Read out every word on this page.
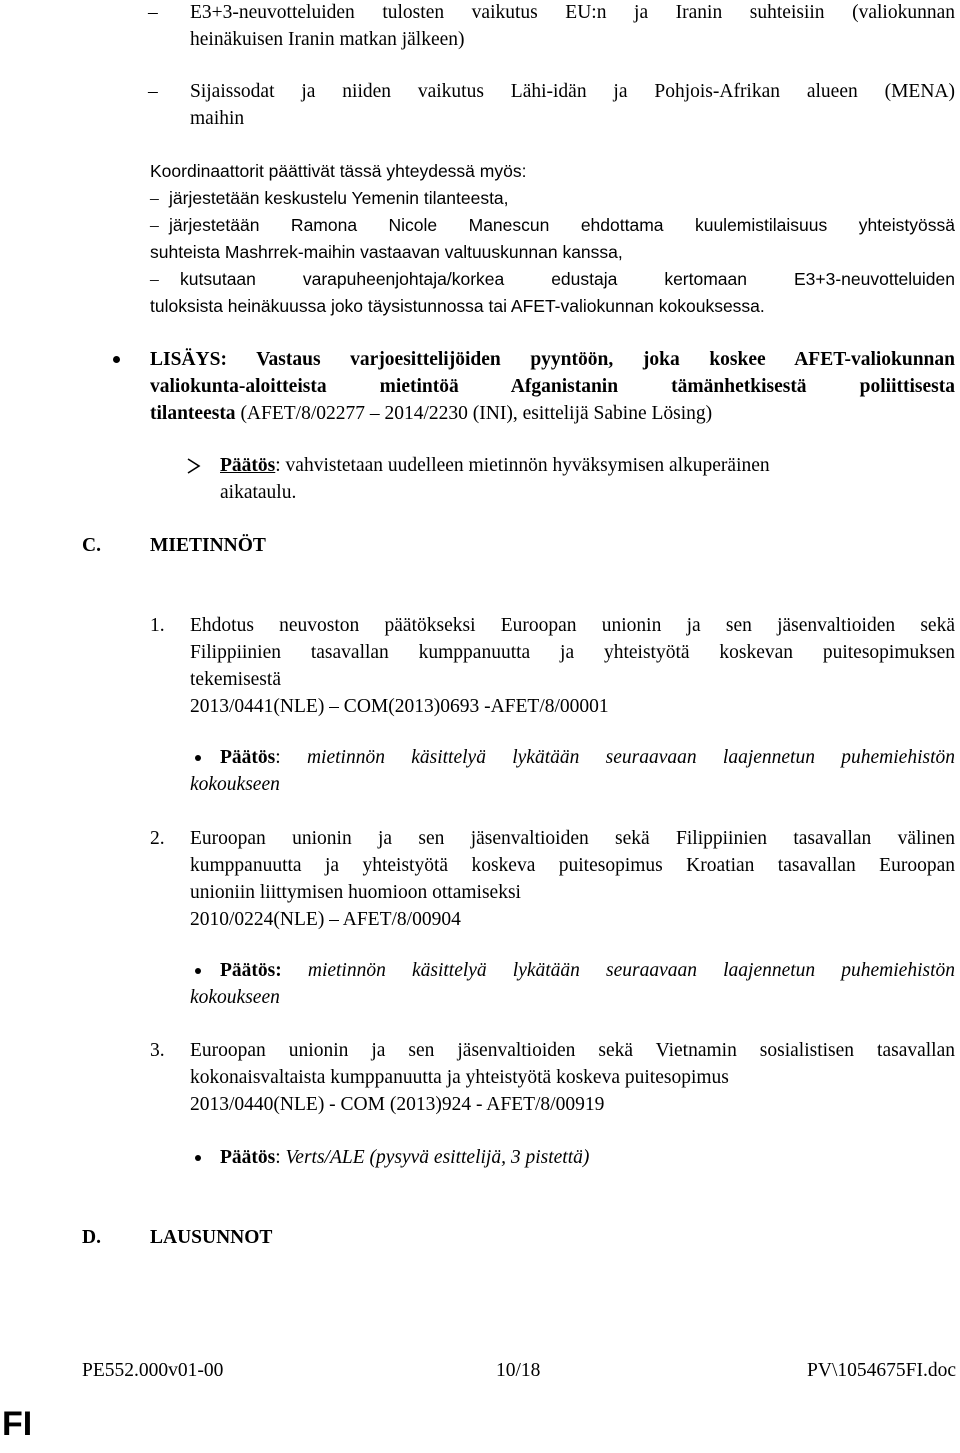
– E3+3-neuvotteluiden tulosten vaikutus EU:n ja Iranin suhteisiin (valiokunnan
heinäkuisen Iranin matkan jälkeen)
– Sijaissodat ja niiden vaikutus Lähi-idän ja Pohjois-Afrikan alueen (MENA)
maihin
Koordinaattorit päättivät tässä yhteydessä myös:
– järjestetään keskustelu Yemenin tilanteesta,
– järjestetään Ramona Nicole Manescun ehdottama kuulemistilaisuus yhteistyössä
suhteista Mashrrek-maihin vastaavan valtuuskunnan kanssa,
– kutsutaan varapuheenjohtaja/korkea edustaja kertomaan E3+3-neuvotteluiden
tuloksista heinäkuussa joko täysistunnossa tai AFET-valiokunnan kokouksessa.
LISÄYS: Vastaus varjoesittelijöiden pyyntöön, joka koskee AFET-valiokunnan
valiokunta-aloitteista mietintöä Afganistanin tämänhetkisestä poliittisesta
tilanteesta (AFET/8/02277 – 2014/2230 (INI), esittelijä Sabine Lösing)
Päätös: vahvistetaan uudelleen mietinnön hyväksymisen alkuperäinen
aikataulu.
C.	MIETINNÖT
1. Ehdotus neuvoston päätökseksi Euroopan unionin ja sen jäsenvaltioiden sekä
Filippiinien tasavallan kumppanuutta ja yhteistyötä koskevan puitesopimuksen
tekemisestä
2013/0441(NLE) – COM(2013)0693 -AFET/8/00001
Päätös: mietinnön käsittelyä lykätään seuraavaan laajennetun puhemiehistön
kokoukseen
2. Euroopan unionin ja sen jäsenvaltioiden sekä Filippiinien tasavallan välinen
kumppanuutta ja yhteistyötä koskeva puitesopimus Kroatian tasavallan Euroopan
unioniin liittymisen huomioon ottamiseksi
2010/0224(NLE) – AFET/8/00904
Päätös: mietinnön käsittelyä lykätään seuraavaan laajennetun puhemiehistön
kokoukseen
3. Euroopan unionin ja sen jäsenvaltioiden sekä Vietnamin sosialistisen tasavallan
kokonaisvaltaista kumppanuutta ja yhteistyötä koskeva puitesopimus
2013/0440(NLE) - COM (2013)924 - AFET/8/00919
Päätös: Verts/ALE (pysyvä esittelijä, 3 pistettä)
D.	LAUSUNNOT
PE552.000v01-00	10/18	PV\1054675FI.doc
FI
